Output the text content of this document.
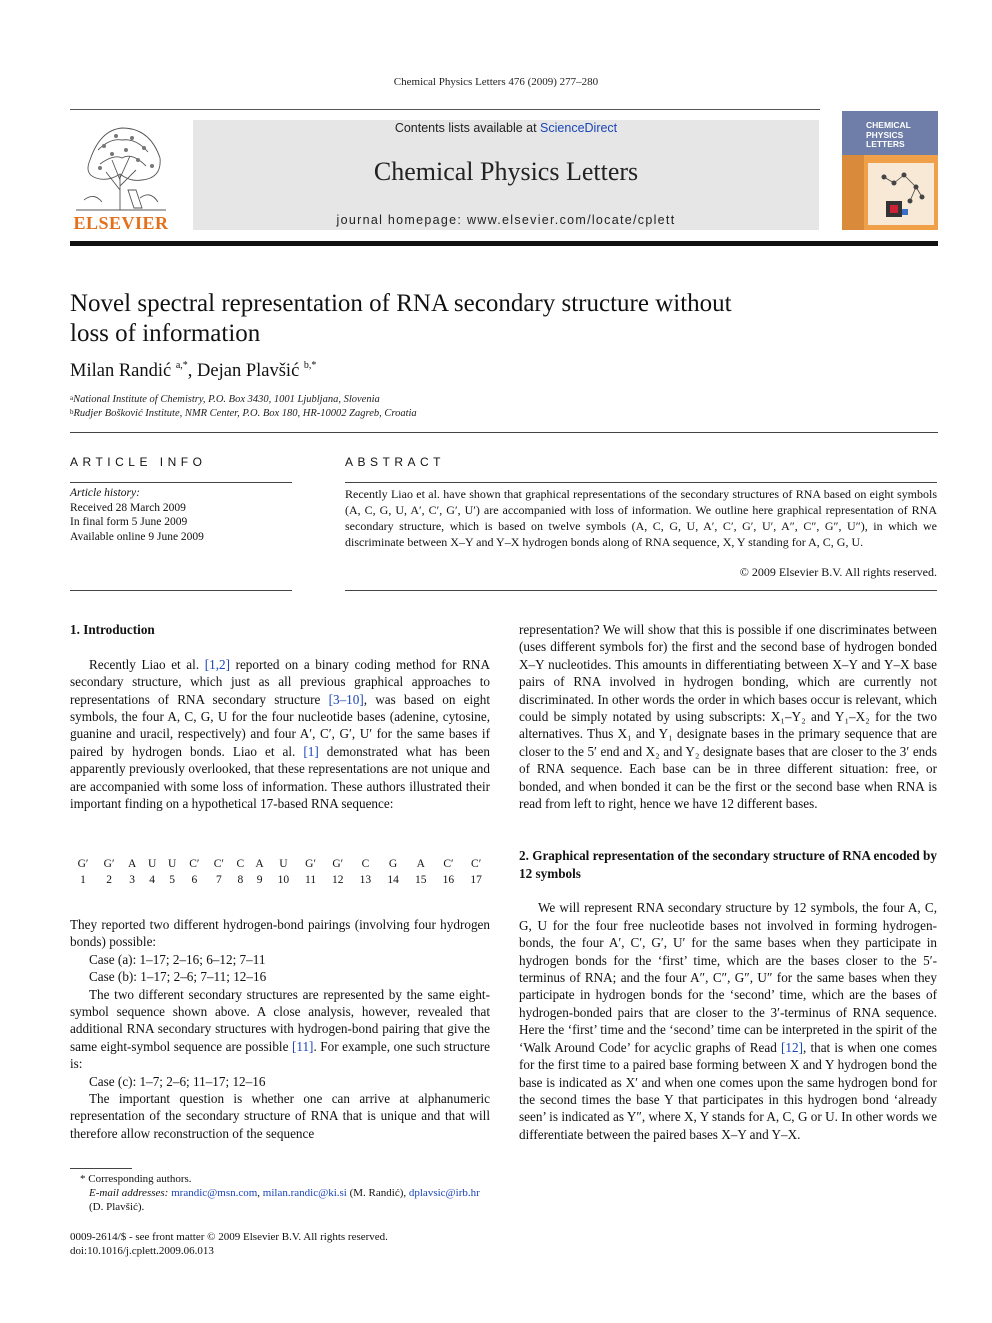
Chemical Physics Letters 476 (2009) 277–280
ELSEVIER
Contents lists available at ScienceDirect
Chemical Physics Letters
journal homepage: www.elsevier.com/locate/cplett
CHEMICAL
PHYSICS
LETTERS
Novel spectral representation of RNA secondary structure without
loss of information
Milan Randić $^{a,*}$, Dejan Plavšić $^{b,*}$
$^a$National Institute of Chemistry, P.O. Box 3430, 1001 Ljubljana, Slovenia
$^b$Rudjer Bošković Institute, NMR Center, P.O. Box 180, HR-10002 Zagreb, Croatia
ARTICLE INFO
Article history:
Received 28 March 2009
In final form 5 June 2009
Available online 9 June 2009
ABSTRACT
Recently Liao et al. have shown that graphical representations of the secondary structures of RNA based on eight symbols (A, C, G, U, A′, C′, G′, U′) are accompanied with loss of information. We outline here graphical representation of RNA secondary structure, which is based on twelve symbols (A, C, G, U, A′, C′, G′, U′, A″, C″, G″, U″), in which we discriminate between X–Y and Y–X hydrogen bonds along of RNA sequence, X, Y standing for A, C, G, U.
© 2009 Elsevier B.V. All rights reserved.

1. Introduction

Recently Liao et al. [1,2] reported on a binary coding method for RNA secondary structure, which just as all previous graphical approaches to representations of RNA secondary structure [3–10], was based on eight symbols, the four A, C, G, U for the four nucleotide bases (adenine, cytosine, guanine and uracil, respectively) and four A′, C′, G′, U′ for the same bases if paired by hydrogen bonds. Liao et al. [1] demonstrated what has been apparently previously overlooked, that these representations are not unique and are accompanied with some loss of information. These authors illustrated their important finding on a hypothetical 17-based RNA sequence:

G′	G′	A	U	U	C′	C′	C	A	U	G′	G′	C	G	A	C′	C′
1	2	3	4	5	6	7	8	9	10	11	12	13	14	15	16	17

They reported two different hydrogen-bond pairings (involving four hydrogen bonds) possible:

Case (a): 1–17; 2–16; 6–12; 7–11

Case (b): 1–17; 2–6; 7–11; 12–16

The two different secondary structures are represented by the same eight-symbol sequence shown above. A close analysis, however, revealed that additional RNA secondary structures with hydrogen-bond pairing that give the same eight-symbol sequence are possible [11]. For example, one such structure is:

Case (c): 1–7; 2–6; 11–17; 12–16

The important question is whether one can arrive at alphanumeric representation of the secondary structure of RNA that is unique and that will therefore allow reconstruction of the sequence

representation? We will show that this is possible if one discriminates between (uses different symbols for) the first and the second base of hydrogen bonded X–Y nucleotides. This amounts in differentiating between X–Y and Y–X base pairs of RNA involved in hydrogen bonding, which are currently not discriminated. In other words the order in which bases occur is relevant, which could be simply notated by using subscripts: X₁–Y₂ and Y₁–X₂ for the two alternatives. Thus X₁ and Y₁ designate bases in the primary sequence that are closer to the 5′ end and X₂ and Y₂ designate bases that are closer to the 3′ ends of RNA sequence. Each base can be in three different situation: free, or bonded, and when bonded it can be the first or the second base when RNA is read from left to right, hence we have 12 different bases.

2. Graphical representation of the secondary structure of RNA encoded by 12 symbols

We will represent RNA secondary structure by 12 symbols, the four A, C, G, U for the four free nucleotide bases not involved in forming hydrogen-bonds, the four A′, C′, G′, U′ for the same bases when they participate in hydrogen bonds for the ‘first’ time, which are the bases closer to the 5′-terminus of RNA; and the four A″, C″, G″, U″ for the same bases when they participate in hydrogen bonds for the ‘second’ time, which are the bases of hydrogen-bonded pairs that are closer to the 3′-terminus of RNA sequence. Here the ‘first’ time and the ‘second’ time can be interpreted in the spirit of the ‘Walk Around Code’ for acyclic graphs of Read [12], that is when one comes for the first time to a paired base forming between X and Y hydrogen bond the base is indicated as X′ and when one comes upon the same hydrogen bond for the second times the base Y that participates in this hydrogen bond ‘already seen’ is indicated as Y″, where X, Y stands for A, C, G or U. In other words we differentiate between the paired bases X–Y and Y–X.

* Corresponding authors.
E-mail addresses: mrandic@msn.com, milan.randic@ki.si (M. Randić), dplavsic@irb.hr (D. Plavšić).
0009-2614/$ - see front matter © 2009 Elsevier B.V. All rights reserved.
doi:10.1016/j.cplett.2009.06.013
